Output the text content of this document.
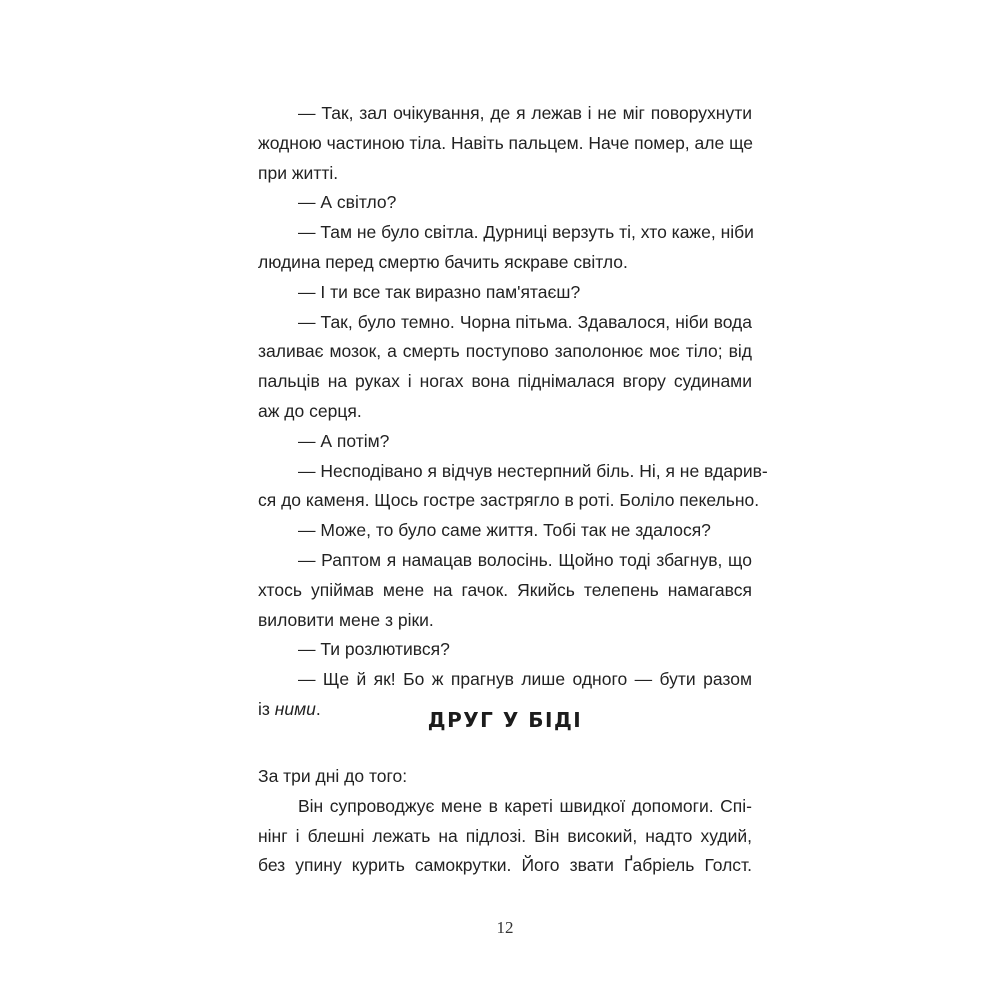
— Так, зал очікування, де я лежав і не міг поворухнути
жодною частиною тіла. Навіть пальцем. Наче помер, але ще
при житті.
— А світло?
— Там не було світла. Дурниці верзуть ті, хто каже, ніби
людина перед смертю бачить яскраве світло.
— І ти все так виразно пам'ятаєш?
— Так, було темно. Чорна пітьма. Здавалося, ніби вода
заливає мозок, а смерть поступово заполонює моє тіло; від
пальців на руках і ногах вона піднімалася вгору судинами
аж до серця.
— А потім?
— Несподівано я відчув нестерпний біль. Ні, я не вдарив-
ся до каменя. Щось гостре застрягло в роті. Боліло пекельно.
— Може, то було саме життя. Тобі так не здалося?
— Раптом я намацав волосінь. Щойно тоді збагнув, що
хтось упіймав мене на гачок. Якийсь телепень намагався
виловити мене з ріки.
— Ти розлютився?
— Ще й як! Бо ж прагнув лише одного — бути разом
із ними.	ДРУГ У БІДІ
За три дні до того:
Він супроводжує мене в кареті швидкої допомоги. Спі-
нінг і блешні лежать на підлозі. Він високий, надто худий,
без упину курить самокрутки. Його звати Ґабріель Голст.
12
